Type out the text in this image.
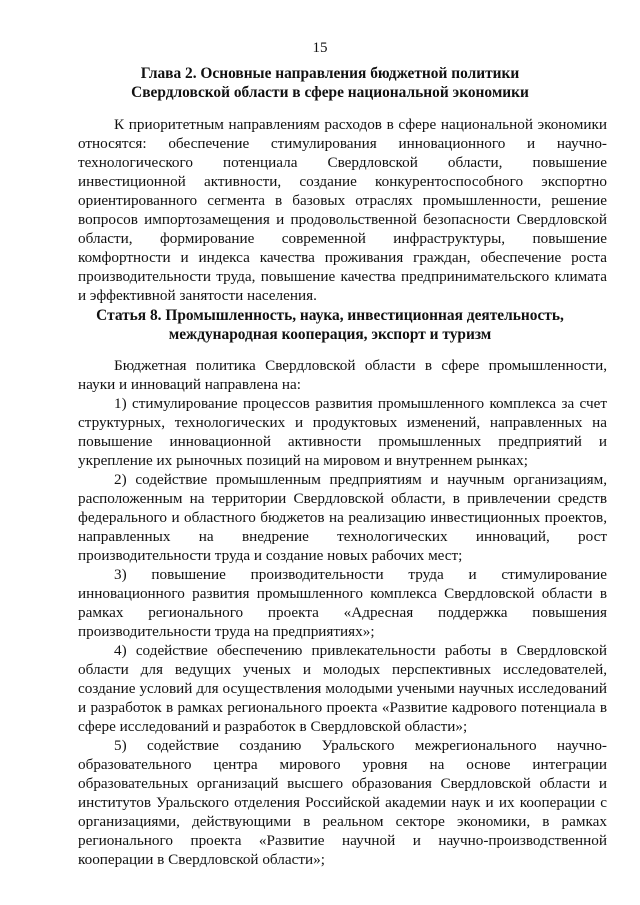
15
Глава 2. Основные направления бюджетной политики
Свердловской области в сфере национальной экономики

К приоритетным направлениям расходов в сфере национальной экономики относятся: обеспечение стимулирования инновационного и научно-технологического потенциала Свердловской области, повышение инвестиционной активности, создание конкурентоспособного экспортно ориентированного сегмента в базовых отраслях промышленности, решение вопросов импортозамещения и продовольственной безопасности Свердловской области, формирование современной инфраструктуры, повышение комфортности и индекса качества проживания граждан, обеспечение роста производительности труда, повышение качества предпринимательского климата и эффективной занятости населения.

Статья 8. Промышленность, наука, инвестиционная деятельность,
международная кооперация, экспорт и туризм

Бюджетная политика Свердловской области в сфере промышленности, науки и инноваций направлена на:

1) стимулирование процессов развития промышленного комплекса за счет структурных, технологических и продуктовых изменений, направленных на повышение инновационной активности промышленных предприятий и укрепление их рыночных позиций на мировом и внутреннем рынках;

2) содействие промышленным предприятиям и научным организациям, расположенным на территории Свердловской области, в привлечении средств федерального и областного бюджетов на реализацию инвестиционных проектов, направленных на внедрение технологических инноваций, рост производительности труда и создание новых рабочих мест;

3) повышение производительности труда и стимулирование инновационного развития промышленного комплекса Свердловской области в рамках регионального проекта «Адресная поддержка повышения производительности труда на предприятиях»;

4) содействие обеспечению привлекательности работы в Свердловской области для ведущих ученых и молодых перспективных исследователей, создание условий для осуществления молодыми учеными научных исследований и разработок в рамках регионального проекта «Развитие кадрового потенциала в сфере исследований и разработок в Свердловской области»;

5) содействие созданию Уральского межрегионального научно-образовательного центра мирового уровня на основе интеграции образовательных организаций высшего образования Свердловской области и институтов Уральского отделения Российской академии наук и их кооперации с организациями, действующими в реальном секторе экономики, в рамках регионального проекта «Развитие научной и научно-производственной кооперации в Свердловской области»;
